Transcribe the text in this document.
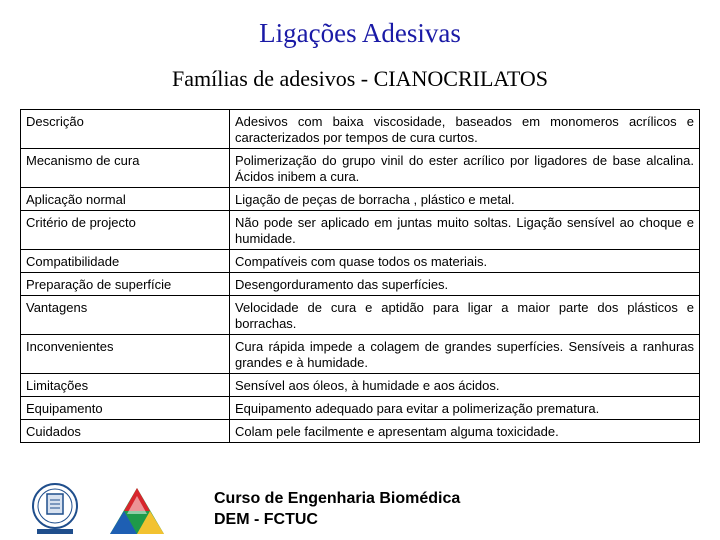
Ligações Adesivas
Famílias de adesivos - CIANOCRILATOS
Descrição	Adesivos com baixa viscosidade, baseados em monomeros acrílicos e caracterizados por tempos de cura curtos.
Mecanismo de cura	Polimerização do grupo vinil do ester acrílico por ligadores de base alcalina. Ácidos inibem a cura.
Aplicação normal	Ligação de peças de borracha , plástico e metal.
Critério de projecto	Não pode ser aplicado em juntas muito soltas. Ligação sensível ao choque e humidade.
Compatibilidade	Compatíveis com quase todos os materiais.
Preparação de superfície	Desengorduramento das superfícies.
Vantagens	Velocidade de cura e aptidão para ligar a maior parte dos plásticos e borrachas.
Inconvenientes	Cura rápida impede a colagem de grandes superfícies. Sensíveis a ranhuras grandes e à humidade.
Limitações	Sensível aos óleos, à humidade e aos ácidos.
Equipamento	Equipamento adequado para evitar a polimerização prematura.
Cuidados	Colam pele facilmente e apresentam alguma toxicidade.
Curso de Engenharia Biomédica
DEM - FCTUC
